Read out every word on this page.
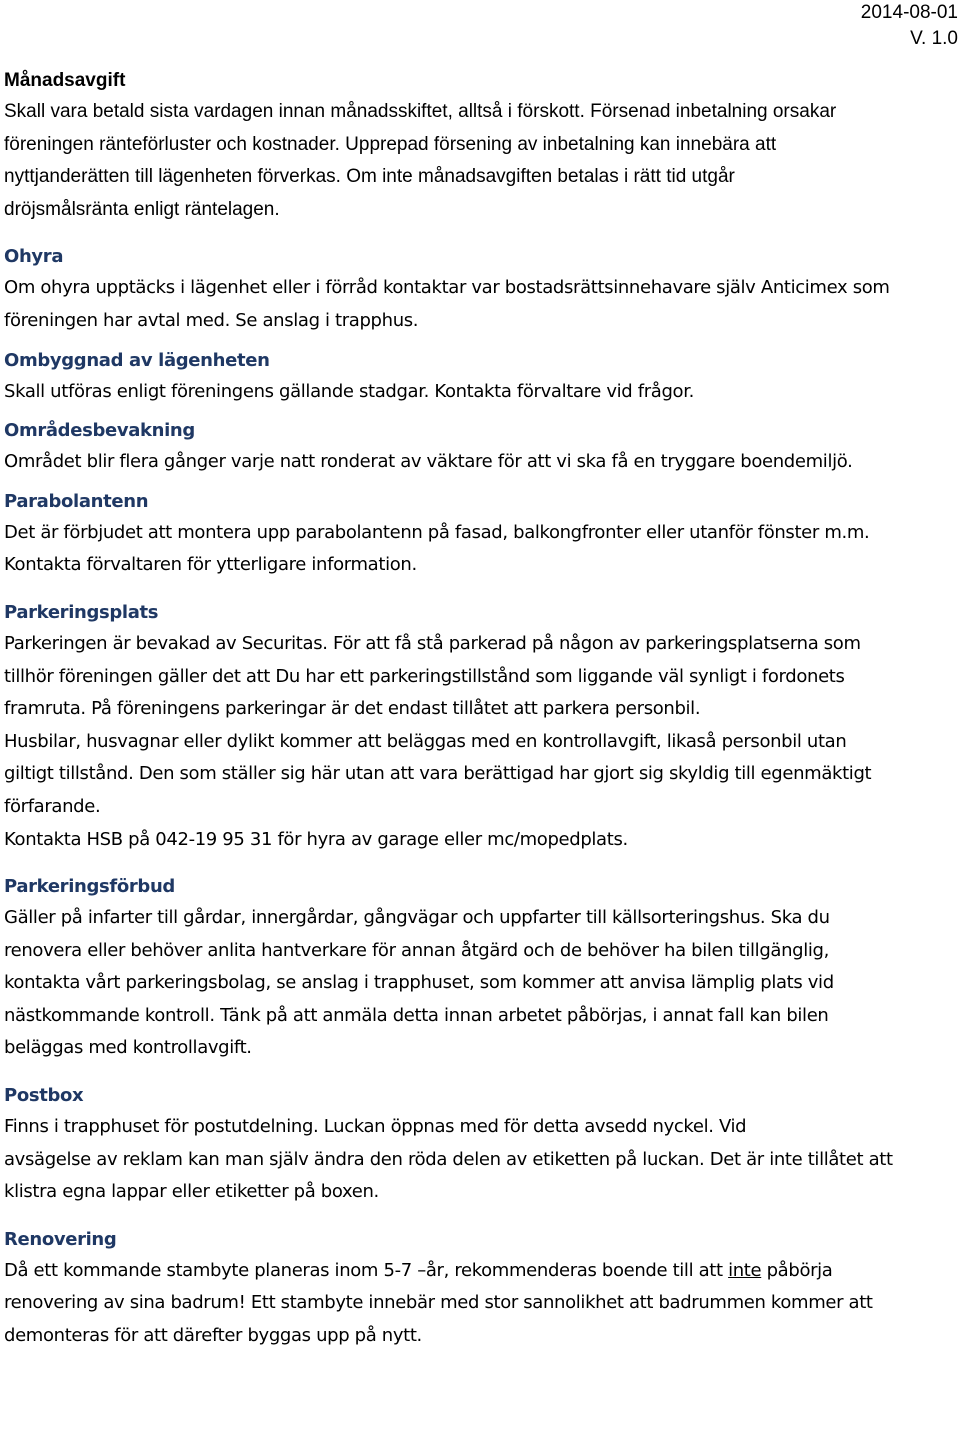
2014-08-01
V. 1.0
Månadsavgift
Skall vara betald sista vardagen innan månadsskiftet, alltså i förskott. Försenad inbetalning orsakar
föreningen ränteförluster och kostnader. Upprepad försening av inbetalning kan innebära att
nyttjanderätten till lägenheten förverkas. Om inte månadsavgiften betalas i rätt tid utgår
dröjsmålsränta enligt räntelagen.
Ohyra
Om ohyra upptäcks i lägenhet eller i förråd kontaktar var bostadsrättsinnehavare själv Anticimex som
föreningen har avtal med. Se anslag i trapphus.
Ombyggnad av lägenheten
Skall utföras enligt föreningens gällande stadgar. Kontakta förvaltare vid frågor.
Områdesbevakning
Området blir flera gånger varje natt ronderat av väktare för att vi ska få en tryggare boendemiljö.
Parabolantenn
Det är förbjudet att montera upp parabolantenn på fasad, balkongfronter eller utanför fönster m.m.
Kontakta förvaltaren för ytterligare information.
Parkeringsplats
Parkeringen är bevakad av Securitas. För att få stå parkerad på någon av parkeringsplatserna som
tillhör föreningen gäller det att Du har ett parkeringstillstånd som liggande väl synligt i fordonets
framruta. På föreningens parkeringar är det endast tillåtet att parkera personbil.
Husbilar, husvagnar eller dylikt kommer att beläggas med en kontrollavgift, likaså personbil utan
giltigt tillstånd. Den som ställer sig här utan att vara berättigad har gjort sig skyldig till egenmäktigt
förfarande.
Kontakta HSB på 042-19 95 31 för hyra av garage eller mc/mopedplats.
Parkeringsförbud
Gäller på infarter till gårdar, innergårdar, gångvägar och uppfarter till källsorteringshus. Ska du
renovera eller behöver anlita hantverkare för annan åtgärd och de behöver ha bilen tillgänglig,
kontakta vårt parkeringsbolag, se anslag i trapphuset, som kommer att anvisa lämplig plats vid
nästkommande kontroll. Tänk på att anmäla detta innan arbetet påbörjas, i annat fall kan bilen
beläggas med kontrollavgift.
Postbox
Finns i trapphuset för postutdelning. Luckan öppnas med för detta avsedd nyckel. Vid
avsägelse av reklam kan man själv ändra den röda delen av etiketten på luckan. Det är inte tillåtet att
klistra egna lappar eller etiketter på boxen.
Renovering
Då ett kommande stambyte planeras inom 5-7 –år, rekommenderas boende till att inte påbörja
renovering av sina badrum! Ett stambyte innebär med stor sannolikhet att badrummen kommer att
demonteras för att därefter byggas upp på nytt.
